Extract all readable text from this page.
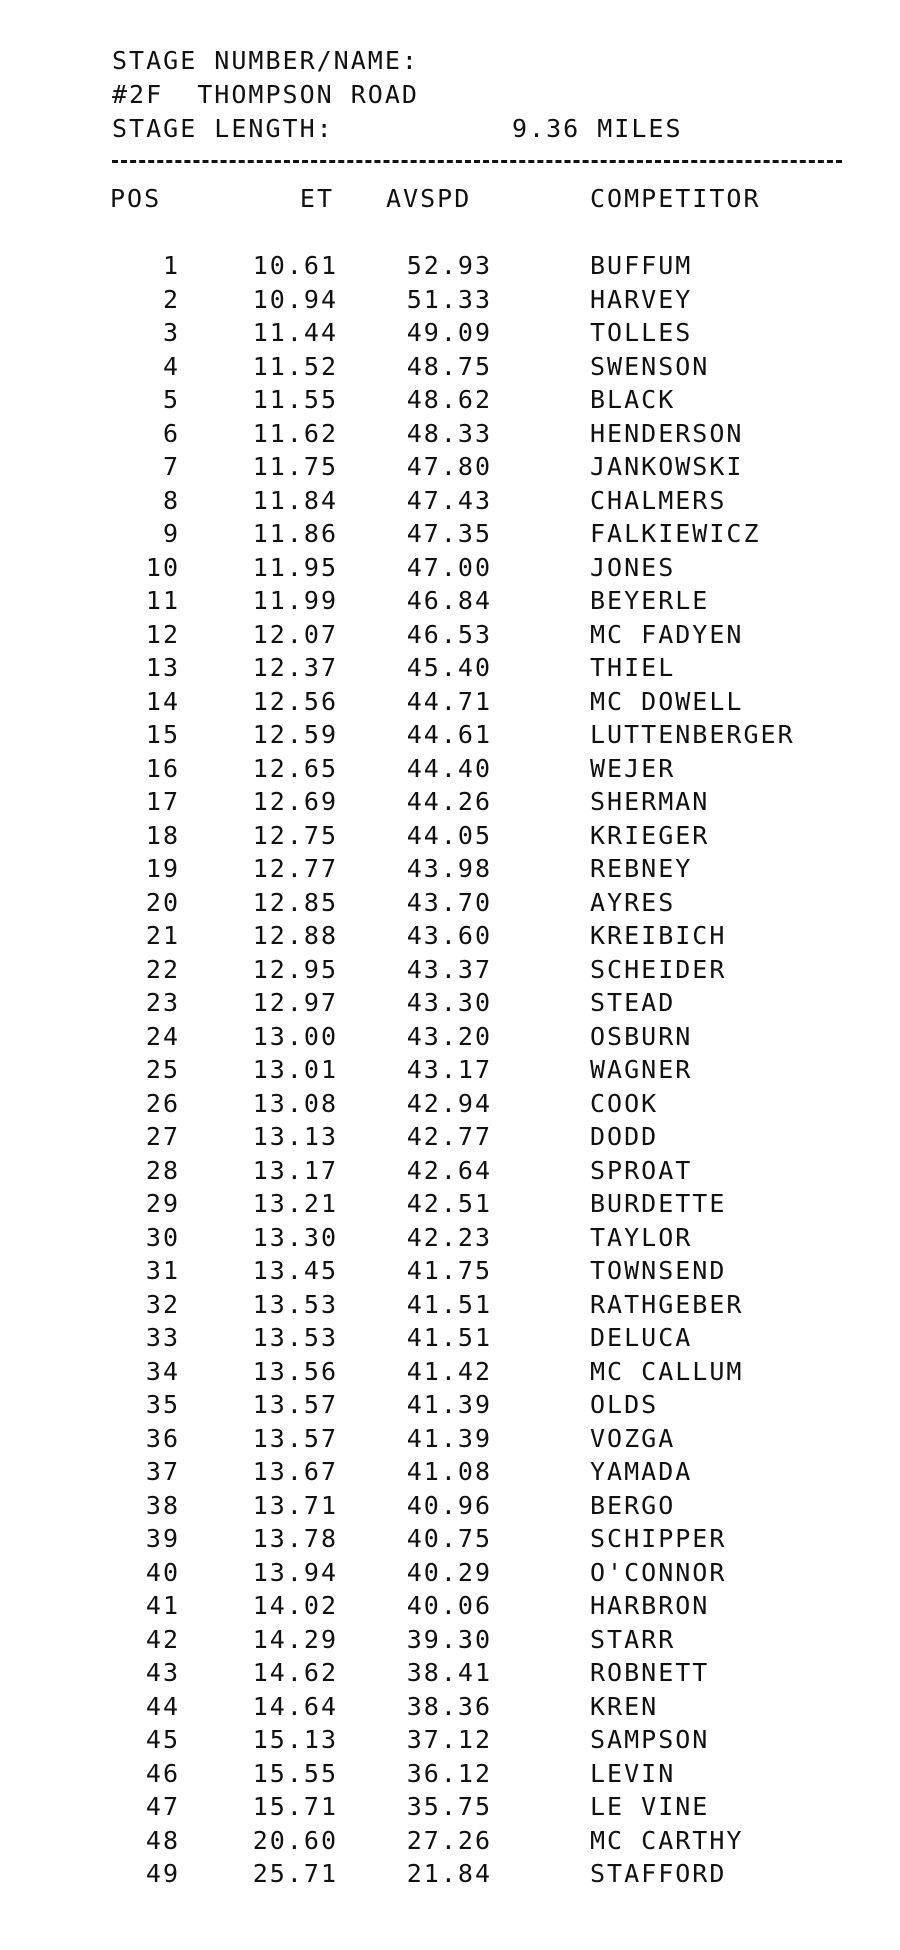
STAGE NUMBER/NAME:
#2F  THOMPSON ROAD
STAGE LENGTH:	9.36 MILES
POS	ET AVSPD	COMPETITOR
1	10.61	52.93	BUFFUM
2	10.94	51.33	HARVEY
3	11.44	49.09	TOLLES
4	11.52	48.75	SWENSON
5	11.55	48.62	BLACK
6	11.62	48.33	HENDERSON
7	11.75	47.80	JANKOWSKI
8	11.84	47.43	CHALMERS
9	11.86	47.35	FALKIEWICZ
10	11.95	47.00	JONES
11	11.99	46.84	BEYERLE
12	12.07	46.53	MC FADYEN
13	12.37	45.40	THIEL
14	12.56	44.71	MC DOWELL
15	12.59	44.61	LUTTENBERGER
16	12.65	44.40	WEJER
17	12.69	44.26	SHERMAN
18	12.75	44.05	KRIEGER
19	12.77	43.98	REBNEY
20	12.85	43.70	AYRES
21	12.88	43.60	KREIBICH
22	12.95	43.37	SCHEIDER
23	12.97	43.30	STEAD
24	13.00	43.20	OSBURN
25	13.01	43.17	WAGNER
26	13.08	42.94	COOK
27	13.13	42.77	DODD
28	13.17	42.64	SPROAT
29	13.21	42.51	BURDETTE
30	13.30	42.23	TAYLOR
31	13.45	41.75	TOWNSEND
32	13.53	41.51	RATHGEBER
33	13.53	41.51	DELUCA
34	13.56	41.42	MC CALLUM
35	13.57	41.39	OLDS
36	13.57	41.39	VOZGA
37	13.67	41.08	YAMADA
38	13.71	40.96	BERGO
39	13.78	40.75	SCHIPPER
40	13.94	40.29	O'CONNOR
41	14.02	40.06	HARBRON
42	14.29	39.30	STARR
43	14.62	38.41	ROBNETT
44	14.64	38.36	KREN
45	15.13	37.12	SAMPSON
46	15.55	36.12	LEVIN
47	15.71	35.75	LE VINE
48	20.60	27.26	MC CARTHY
49	25.71	21.84	STAFFORD
